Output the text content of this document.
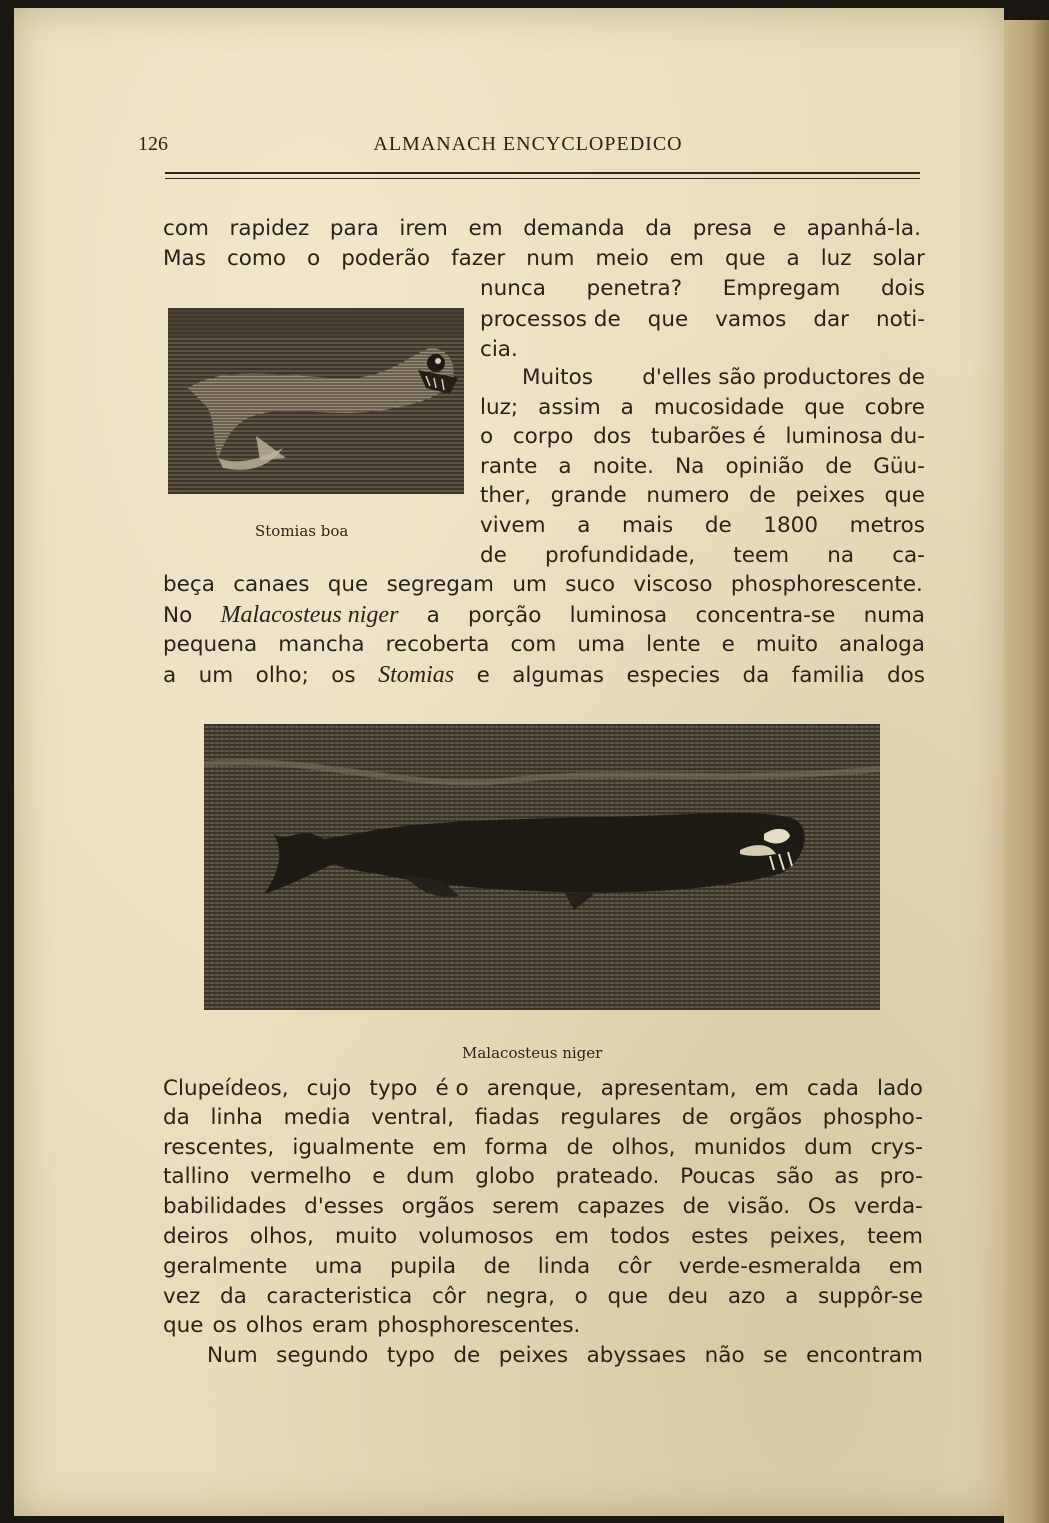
126	ALMANACH ENCYCLOPEDICO
com rapidez para irem em demanda da presa e apanhá-la.
Mas como o poderão fazer num meio em que a luz solar
nunca penetra? Empregam dois
processos de que vamos dar noti-
cia.
Stomias boa
Muitos d'elles são productores de
luz; assim a mucosidade que cobre
o corpo dos tubarões é luminosa du-
rante a noite. Na opinião de Güu-
ther, grande numero de peixes que
vivem a mais de 1800 metros
de profundidade, teem na ca-
beça canaes que segregam um suco viscoso phosphorescente.
No Malacosteus niger a porção luminosa concentra-se numa
pequena mancha recoberta com uma lente e muito analoga
a um olho; os Stomias e algumas especies da familia dos
Malacosteus niger
Clupeídeos, cujo typo é o arenque, apresentam, em cada lado
da linha media ventral, fiadas regulares de orgãos phospho-
rescentes, igualmente em forma de olhos, munidos dum crys-
tallino vermelho e dum globo prateado. Poucas são as pro-
babilidades d'esses orgãos serem capazes de visão. Os verda-
deiros olhos, muito volumosos em todos estes peixes, teem
geralmente uma pupila de linda côr verde-esmeralda em
vez da caracteristica côr negra, o que deu azo a suppôr-se
que os olhos eram phosphorescentes.
Num segundo typo de peixes abyssaes não se encontram
